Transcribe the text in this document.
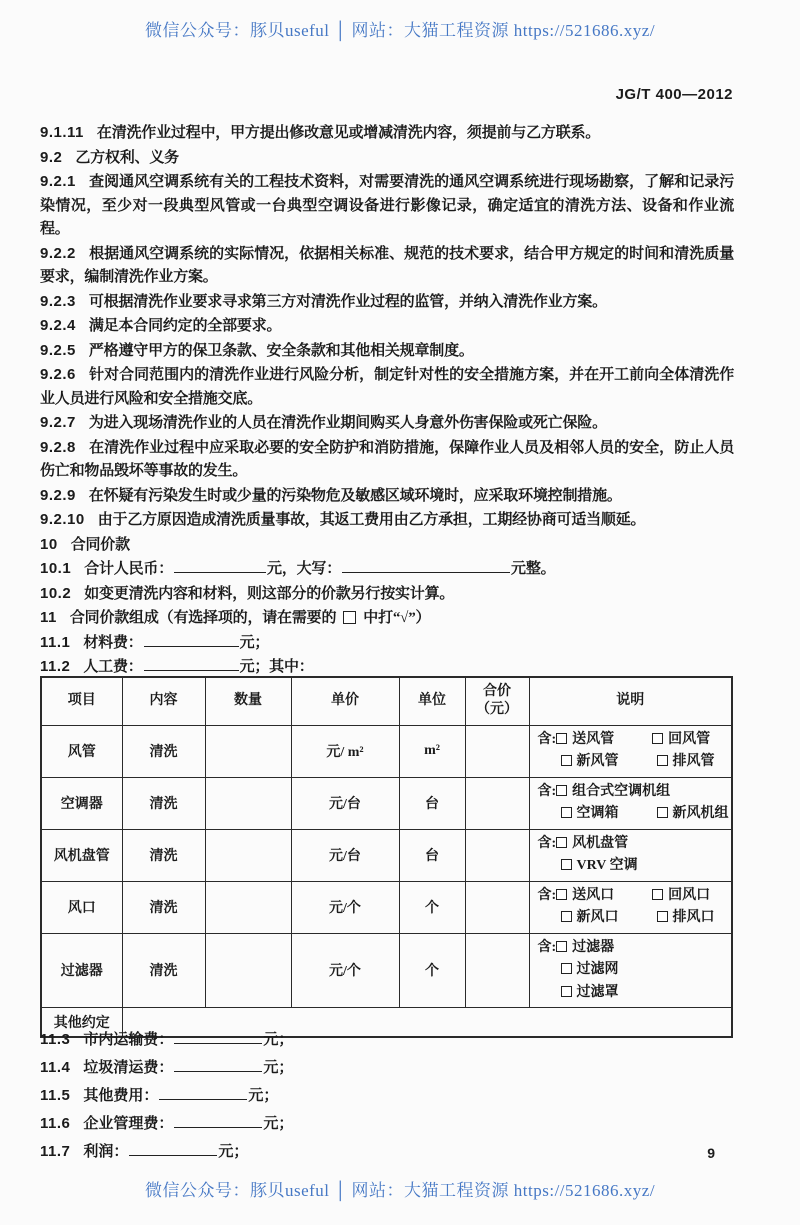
微信公众号：豚贝useful │ 网站：大猫工程资源 https://521686.xyz/
JG/T 400—2012

9.1.11 在清洗作业过程中，甲方提出修改意见或增减清洗内容，须提前与乙方联系。

9.2 乙方权利、义务

9.2.1 查阅通风空调系统有关的工程技术资料，对需要清洗的通风空调系统进行现场勘察，了解和记录污染情况，至少对一段典型风管或一台典型空调设备进行影像记录，确定适宜的清洗方法、设备和作业流程。

9.2.2 根据通风空调系统的实际情况，依据相关标准、规范的技术要求，结合甲方规定的时间和清洗质量要求，编制清洗作业方案。

9.2.3 可根据清洗作业要求寻求第三方对清洗作业过程的监管，并纳入清洗作业方案。

9.2.4 满足本合同约定的全部要求。

9.2.5 严格遵守甲方的保卫条款、安全条款和其他相关规章制度。

9.2.6 针对合同范围内的清洗作业进行风险分析，制定针对性的安全措施方案，并在开工前向全体清洗作业人员进行风险和安全措施交底。

9.2.7 为进入现场清洗作业的人员在清洗作业期间购买人身意外伤害保险或死亡保险。

9.2.8 在清洗作业过程中应采取必要的安全防护和消防措施，保障作业人员及相邻人员的安全，防止人员伤亡和物品毁坏等事故的发生。

9.2.9 在怀疑有污染发生时或少量的污染物危及敏感区域环境时，应采取环境控制措施。

9.2.10 由于乙方原因造成清洗质量事故，其返工费用由乙方承担，工期经协商可适当顺延。

10 合同价款

10.1 合计人民币：	元，大写：	元整。

10.2 如变更清洗内容和材料，则这部分的价款另行按实计算。

11 合同价款组成（有选择项的，请在需要的 中打“√”）

11.1 材料费：	元；

11.2 人工费：	元；其中：

项目	内容	数量	单价	单位	合价
（元）	说明
风管	清洗		元/ m²	m²		含: 送风管 回风管
新风管 排风管

空调器	清洗		元/台	台		含: 组合式空调机组
空调箱 新风机组

风机盘管	清洗		元/台	台		含: 风机盘管
VRV 空调

风口	清洗		元/个	个		含: 送风口 回风口
新风口 排风口

过滤器	清洗		元/个	个		含: 过滤器
过滤网
过滤罩

其他约定						

11.3 市内运输费：	元；

11.4 垃圾清运费：	元；

11.5 其他费用：	元；

11.6 企业管理费：	元；

11.7 利润：	元；	9
微信公众号：豚贝useful │ 网站：大猫工程资源 https://521686.xyz/
